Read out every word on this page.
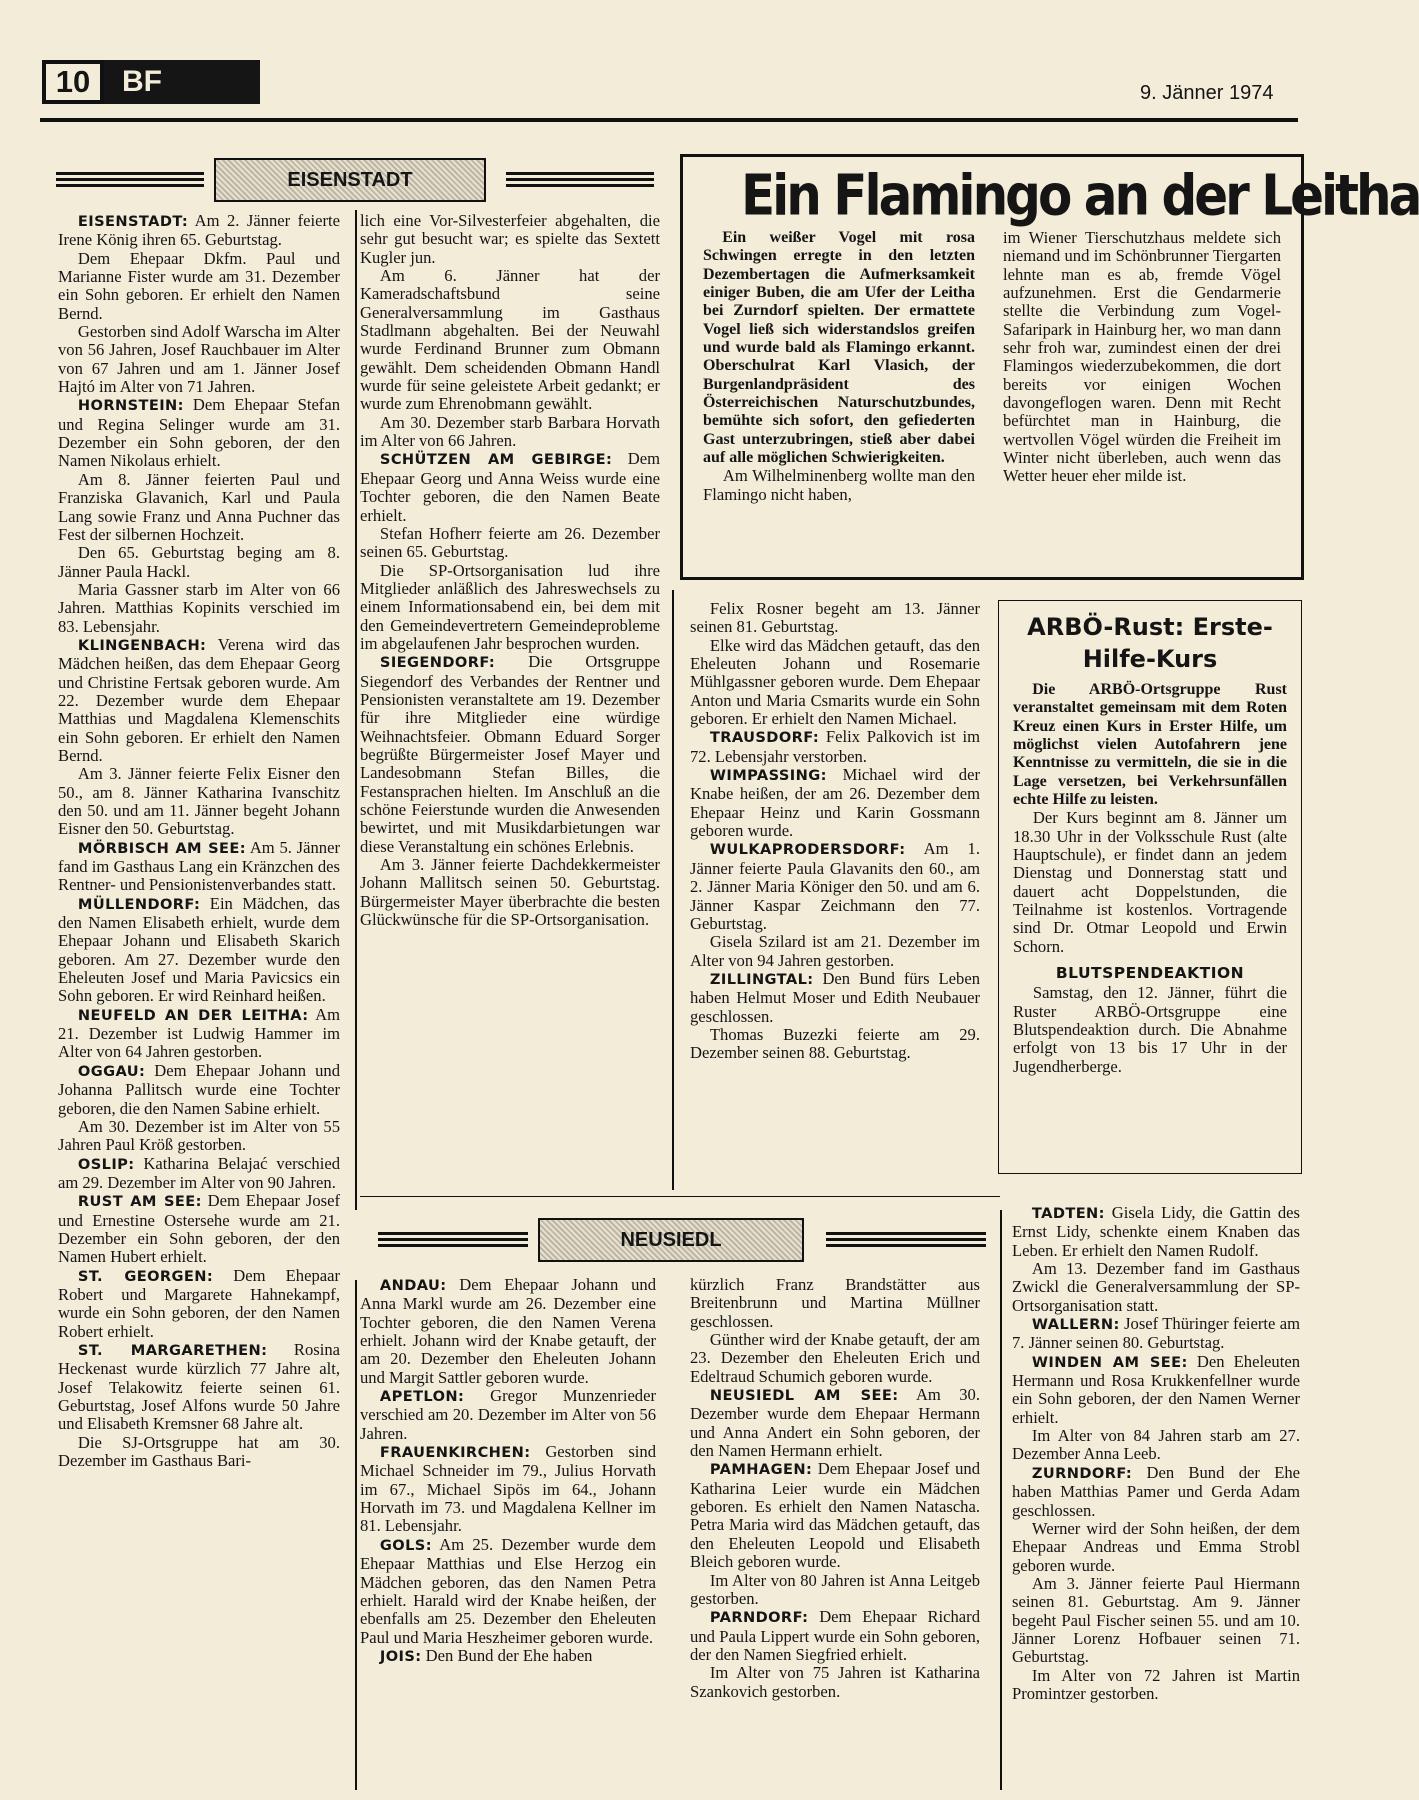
10	BF	9. Jänner 1974
EISENSTADT

EISENSTADT: Am 2. Jänner feierte Irene König ihren 65. Geburtstag.

Dem Ehepaar Dkfm. Paul und Marianne Fister wurde am 31. Dezember ein Sohn geboren. Er erhielt den Namen Bernd.

Gestorben sind Adolf Warscha im Alter von 56 Jahren, Josef Rauchbauer im Alter von 67 Jahren und am 1. Jänner Josef Hajtó im Alter von 71 Jahren.

HORNSTEIN: Dem Ehepaar Stefan und Regina Selinger wurde am 31. Dezember ein Sohn geboren, der den Namen Nikolaus erhielt.

Am 8. Jänner feierten Paul und Franziska Glavanich, Karl und Paula Lang sowie Franz und Anna Puchner das Fest der silbernen Hochzeit.

Den 65. Geburtstag beging am 8. Jänner Paula Hackl.

Maria Gassner starb im Alter von 66 Jahren. Matthias Kopinits verschied im 83. Lebensjahr.

KLINGENBACH: Verena wird das Mädchen heißen, das dem Ehepaar Georg und Christine Fertsak geboren wurde. Am 22. Dezember wurde dem Ehepaar Matthias und Magdalena Klemenschits ein Sohn geboren. Er erhielt den Namen Bernd.

Am 3. Jänner feierte Felix Eisner den 50., am 8. Jänner Katharina Ivanschitz den 50. und am 11. Jänner begeht Johann Eisner den 50. Geburtstag.

MÖRBISCH AM SEE: Am 5. Jänner fand im Gasthaus Lang ein Kränzchen des Rentner- und Pensionistenverbandes statt.

MÜLLENDORF: Ein Mädchen, das den Namen Elisabeth erhielt, wurde dem Ehepaar Johann und Elisabeth Skarich geboren. Am 27. Dezember wurde den Eheleuten Josef und Maria Pavicsics ein Sohn geboren. Er wird Reinhard heißen.

NEUFELD AN DER LEITHA: Am 21. Dezember ist Ludwig Hammer im Alter von 64 Jahren gestorben.

OGGAU: Dem Ehepaar Johann und Johanna Pallitsch wurde eine Tochter geboren, die den Namen Sabine erhielt.

Am 30. Dezember ist im Alter von 55 Jahren Paul Kröß gestorben.

OSLIP: Katharina Belajać verschied am 29. Dezember im Alter von 90 Jahren.

RUST AM SEE: Dem Ehepaar Josef und Ernestine Ostersehe wurde am 21. Dezember ein Sohn geboren, der den Namen Hubert erhielt.

ST. GEORGEN: Dem Ehepaar Robert und Margarete Hahnekampf, wurde ein Sohn geboren, der den Namen Robert erhielt.

ST. MARGARETHEN: Rosina Heckenast wurde kürzlich 77 Jahre alt, Josef Telakowitz feierte seinen 61. Geburtstag, Josef Alfons wurde 50 Jahre und Elisabeth Kremsner 68 Jahre alt.

Die SJ-Ortsgruppe hat am 30. Dezember im Gasthaus Bari-

lich eine Vor-Silvesterfeier abgehalten, die sehr gut besucht war; es spielte das Sextett Kugler jun.

Am 6. Jänner hat der Kameradschaftsbund seine Generalversammlung im Gasthaus Stadlmann abgehalten. Bei der Neuwahl wurde Ferdinand Brunner zum Obmann gewählt. Dem scheidenden Obmann Handl wurde für seine geleistete Arbeit gedankt; er wurde zum Ehrenobmann gewählt.

Am 30. Dezember starb Barbara Horvath im Alter von 66 Jahren.

SCHÜTZEN AM GEBIRGE: Dem Ehepaar Georg und Anna Weiss wurde eine Tochter geboren, die den Namen Beate erhielt.

Stefan Hofherr feierte am 26. Dezember seinen 65. Geburtstag.

Die SP-Ortsorganisation lud ihre Mitglieder anläßlich des Jahreswechsels zu einem Informationsabend ein, bei dem mit den Gemeindevertretern Gemeindeprobleme im abgelaufenen Jahr besprochen wurden.

SIEGENDORF: Die Ortsgruppe Siegendorf des Verbandes der Rentner und Pensionisten veranstaltete am 19. Dezember für ihre Mitglieder eine würdige Weihnachtsfeier. Obmann Eduard Sorger begrüßte Bürgermeister Josef Mayer und Landesobmann Stefan Billes, die Festansprachen hielten. Im Anschluß an die schöne Feierstunde wurden die Anwesenden bewirtet, und mit Musikdarbietungen war diese Veranstaltung ein schönes Erlebnis.

Am 3. Jänner feierte Dachdekkermeister Johann Mallitsch seinen 50. Geburtstag. Bürgermeister Mayer überbrachte die besten Glückwünsche für die SP-Ortsorganisation.

Felix Rosner begeht am 13. Jänner seinen 81. Geburtstag.

Elke wird das Mädchen getauft, das den Eheleuten Johann und Rosemarie Mühlgassner geboren wurde. Dem Ehepaar Anton und Maria Csmarits wurde ein Sohn geboren. Er erhielt den Namen Michael.

TRAUSDORF: Felix Palkovich ist im 72. Lebensjahr verstorben.

WIMPASSING: Michael wird der Knabe heißen, der am 26. Dezember dem Ehepaar Heinz und Karin Gossmann geboren wurde.

WULKAPRODERSDORF: Am 1. Jänner feierte Paula Glavanits den 60., am 2. Jänner Maria Königer den 50. und am 6. Jänner Kaspar Zeichmann den 77. Geburtstag.

Gisela Szilard ist am 21. Dezember im Alter von 94 Jahren gestorben.

ZILLINGTAL: Den Bund fürs Leben haben Helmut Moser und Edith Neubauer geschlossen.

Thomas Buzezki feierte am 29. Dezember seinen 88. Geburtstag.

Ein Flamingo an der Leitha

Ein weißer Vogel mit rosa Schwingen erregte in den letzten Dezembertagen die Aufmerksamkeit einiger Buben, die am Ufer der Leitha bei Zurndorf spielten. Der ermattete Vogel ließ sich widerstandslos greifen und wurde bald als Flamingo erkannt. Oberschulrat Karl Vlasich, der Burgenlandpräsident des Österreichischen Naturschutzbundes, bemühte sich sofort, den gefiederten Gast unterzubringen, stieß aber dabei auf alle möglichen Schwierigkeiten.

Am Wilhelminenberg wollte man den Flamingo nicht haben,

im Wiener Tierschutzhaus meldete sich niemand und im Schönbrunner Tiergarten lehnte man es ab, fremde Vögel aufzunehmen. Erst die Gendarmerie stellte die Verbindung zum Vogel-Safaripark in Hainburg her, wo man dann sehr froh war, zumindest einen der drei Flamingos wiederzubekommen, die dort bereits vor einigen Wochen davongeflogen waren. Denn mit Recht befürchtet man in Hainburg, die wertvollen Vögel würden die Freiheit im Winter nicht überleben, auch wenn das Wetter heuer eher milde ist.

ARBÖ-Rust: Erste-Hilfe-Kurs

Die ARBÖ-Ortsgruppe Rust veranstaltet gemeinsam mit dem Roten Kreuz einen Kurs in Erster Hilfe, um möglichst vielen Autofahrern jene Kenntnisse zu vermitteln, die sie in die Lage versetzen, bei Verkehrsunfällen echte Hilfe zu leisten.

Der Kurs beginnt am 8. Jänner um 18.30 Uhr in der Volksschule Rust (alte Hauptschule), er findet dann an jedem Dienstag und Donnerstag statt und dauert acht Doppelstunden, die Teilnahme ist kostenlos. Vortragende sind Dr. Otmar Leopold und Erwin Schorn.

BLUTSPENDEAKTION

Samstag, den 12. Jänner, führt die Ruster ARBÖ-Ortsgruppe eine Blutspendeaktion durch. Die Abnahme erfolgt von 13 bis 17 Uhr in der Jugendherberge.

NEUSIEDL

ANDAU: Dem Ehepaar Johann und Anna Markl wurde am 26. Dezember eine Tochter geboren, die den Namen Verena erhielt. Johann wird der Knabe getauft, der am 20. Dezember den Eheleuten Johann und Margit Sattler geboren wurde.

APETLON: Gregor Munzenrieder verschied am 20. Dezember im Alter von 56 Jahren.

FRAUENKIRCHEN: Gestorben sind Michael Schneider im 79., Julius Horvath im 67., Michael Sipös im 64., Johann Horvath im 73. und Magdalena Kellner im 81. Lebensjahr.

GOLS: Am 25. Dezember wurde dem Ehepaar Matthias und Else Herzog ein Mädchen geboren, das den Namen Petra erhielt. Harald wird der Knabe heißen, der ebenfalls am 25. Dezember den Eheleuten Paul und Maria Heszheimer geboren wurde.

JOIS: Den Bund der Ehe haben

kürzlich Franz Brandstätter aus Breitenbrunn und Martina Müllner geschlossen.

Günther wird der Knabe getauft, der am 23. Dezember den Eheleuten Erich und Edeltraud Schumich geboren wurde.

NEUSIEDL AM SEE: Am 30. Dezember wurde dem Ehepaar Hermann und Anna Andert ein Sohn geboren, der den Namen Hermann erhielt.

PAMHAGEN: Dem Ehepaar Josef und Katharina Leier wurde ein Mädchen geboren. Es erhielt den Namen Natascha. Petra Maria wird das Mädchen getauft, das den Eheleuten Leopold und Elisabeth Bleich geboren wurde.

Im Alter von 80 Jahren ist Anna Leitgeb gestorben.

PARNDORF: Dem Ehepaar Richard und Paula Lippert wurde ein Sohn geboren, der den Namen Siegfried erhielt.

Im Alter von 75 Jahren ist Katharina Szankovich gestorben.

TADTEN: Gisela Lidy, die Gattin des Ernst Lidy, schenkte einem Knaben das Leben. Er erhielt den Namen Rudolf.

Am 13. Dezember fand im Gasthaus Zwickl die Generalversammlung der SP-Ortsorganisation statt.

WALLERN: Josef Thüringer feierte am 7. Jänner seinen 80. Geburtstag.

WINDEN AM SEE: Den Eheleuten Hermann und Rosa Krukkenfellner wurde ein Sohn geboren, der den Namen Werner erhielt.

Im Alter von 84 Jahren starb am 27. Dezember Anna Leeb.

ZURNDORF: Den Bund der Ehe haben Matthias Pamer und Gerda Adam geschlossen.

Werner wird der Sohn heißen, der dem Ehepaar Andreas und Emma Strobl geboren wurde.

Am 3. Jänner feierte Paul Hiermann seinen 81. Geburtstag. Am 9. Jänner begeht Paul Fischer seinen 55. und am 10. Jänner Lorenz Hofbauer seinen 71. Geburtstag.

Im Alter von 72 Jahren ist Martin Promintzer gestorben.
